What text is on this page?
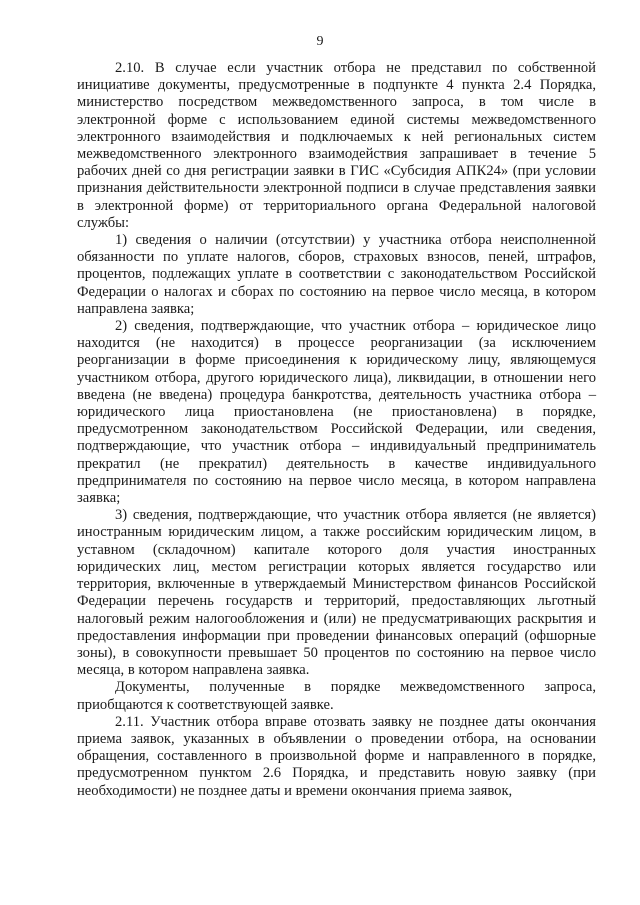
9

2.10. В случае если участник отбора не представил по собственной инициативе документы, предусмотренные в подпункте 4 пункта 2.4 Порядка, министерство посредством межведомственного запроса, в том числе в электронной форме с использованием единой системы межведомственного электронного взаимодействия и подключаемых к ней региональных систем межведомственного электронного взаимодействия запрашивает в течение 5 рабочих дней со дня регистрации заявки в ГИС «Субсидия АПК24» (при условии признания действительности электронной подписи в случае представления заявки в электронной форме) от территориального органа Федеральной налоговой службы:

1) сведения о наличии (отсутствии) у участника отбора неисполненной обязанности по уплате налогов, сборов, страховых взносов, пеней, штрафов, процентов, подлежащих уплате в соответствии с законодательством Российской Федерации о налогах и сборах по состоянию на первое число месяца, в котором направлена заявка;

2) сведения, подтверждающие, что участник отбора – юридическое лицо находится (не находится) в процессе реорганизации (за исключением реорганизации в форме присоединения к юридическому лицу, являющемуся участником отбора, другого юридического лица), ликвидации, в отношении него введена (не введена) процедура банкротства, деятельность участника отбора – юридического лица приостановлена (не приостановлена) в порядке, предусмотренном законодательством Российской Федерации, или сведения, подтверждающие, что участник отбора – индивидуальный предприниматель прекратил (не прекратил) деятельность в качестве индивидуального предпринимателя по состоянию на первое число месяца, в котором направлена заявка;

3) сведения, подтверждающие, что участник отбора является (не является) иностранным юридическим лицом, а также российским юридическим лицом, в уставном (складочном) капитале которого доля участия иностранных юридических лиц, местом регистрации которых является государство или территория, включенные в утверждаемый Министерством финансов Российской Федерации перечень государств и территорий, предоставляющих льготный налоговый режим налогообложения и (или) не предусматривающих раскрытия и предоставления информации при проведении финансовых операций (офшорные зоны), в совокупности превышает 50 процентов по состоянию на первое число месяца, в котором направлена заявка.

Документы, полученные в порядке межведомственного запроса, приобщаются к соответствующей заявке.

2.11. Участник отбора вправе отозвать заявку не позднее даты окончания приема заявок, указанных в объявлении о проведении отбора, на основании обращения, составленного в произвольной форме и направленного в порядке, предусмотренном пунктом 2.6 Порядка, и представить новую заявку (при необходимости) не позднее даты и времени окончания приема заявок,
